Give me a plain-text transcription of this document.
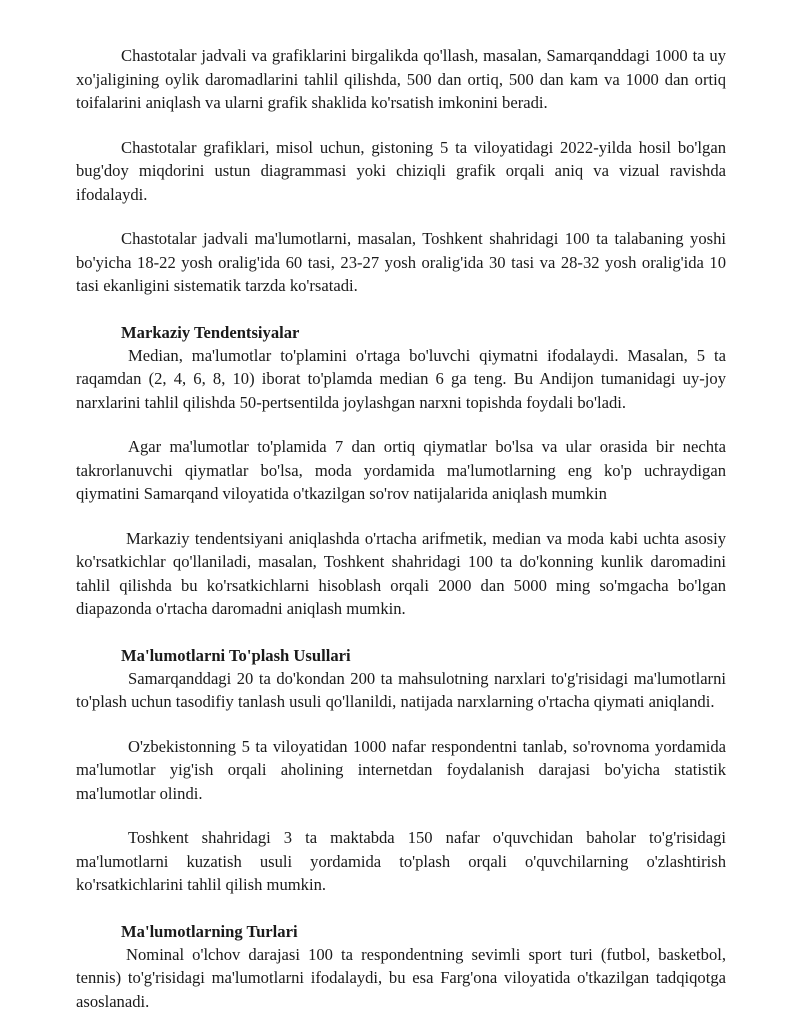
Chastotalar jadvali va grafiklarini birgalikda qo'llash, masalan, Samarqanddagi 1000 ta uy xo'jaligining oylik daromadlarini tahlil qilishda, 500 dan ortiq, 500 dan kam va 1000 dan ortiq toifalarini aniqlash va ularni grafik shaklida ko'rsatish imkonini beradi.

Chastotalar grafiklari, misol uchun, gistoning 5 ta viloyatidagi 2022-yilda hosil bo'lgan bug'doy miqdorini ustun diagrammasi yoki chiziqli grafik orqali aniq va vizual ravishda ifodalaydi.

Chastotalar jadvali ma'lumotlarni, masalan, Toshkent shahridagi 100 ta talabaning yoshi bo'yicha 18-22 yosh oralig'ida 60 tasi, 23-27 yosh oralig'ida 30 tasi va 28-32 yosh oralig'ida 10 tasi ekanligini sistematik tarzda ko'rsatadi.

Markaziy Tendentsiyalar

Median, ma'lumotlar to'plamini o'rtaga bo'luvchi qiymatni ifodalaydi. Masalan, 5 ta raqamdan (2, 4, 6, 8, 10) iborat to'plamda median 6 ga teng. Bu Andijon tumanidagi uy-joy narxlarini tahlil qilishda 50-pertsentilda joylashgan narxni topishda foydali bo'ladi.

Agar ma'lumotlar to'plamida 7 dan ortiq qiymatlar bo'lsa va ular orasida bir nechta takrorlanuvchi qiymatlar bo'lsa, moda yordamida ma'lumotlarning eng ko'p uchraydigan qiymatini Samarqand viloyatida o'tkazilgan so'rov natijalarida aniqlash mumkin

Markaziy tendentsiyani aniqlashda o'rtacha arifmetik, median va moda kabi uchta asosiy ko'rsatkichlar qo'llaniladi, masalan, Toshkent shahridagi 100 ta do'konning kunlik daromadini tahlil qilishda bu ko'rsatkichlarni hisoblash orqali 2000 dan 5000 ming so'mgacha bo'lgan diapazonda o'rtacha daromadni aniqlash mumkin.

Ma'lumotlarni To'plash Usullari

Samarqanddagi 20 ta do'kondan 200 ta mahsulotning narxlari to'g'risidagi ma'lumotlarni to'plash uchun tasodifiy tanlash usuli qo'llanildi, natijada narxlarning o'rtacha qiymati aniqlandi.

O'zbekistonning 5 ta viloyatidan 1000 nafar respondentni tanlab, so'rovnoma yordamida ma'lumotlar yig'ish orqali aholining internetdan foydalanish darajasi bo'yicha statistik ma'lumotlar olindi.

Toshkent shahridagi 3 ta maktabda 150 nafar o'quvchidan baholar to'g'risidagi ma'lumotlarni kuzatish usuli yordamida to'plash orqali o'quvchilarning o'zlashtirish ko'rsatkichlarini tahlil qilish mumkin.

Ma'lumotlarning Turlari

Nominal o'lchov darajasi 100 ta respondentning sevimli sport turi (futbol, basketbol, tennis) to'g'risidagi ma'lumotlarni ifodalaydi, bu esa Farg'ona viloyatida o'tkazilgan tadqiqotga asoslanadi.
